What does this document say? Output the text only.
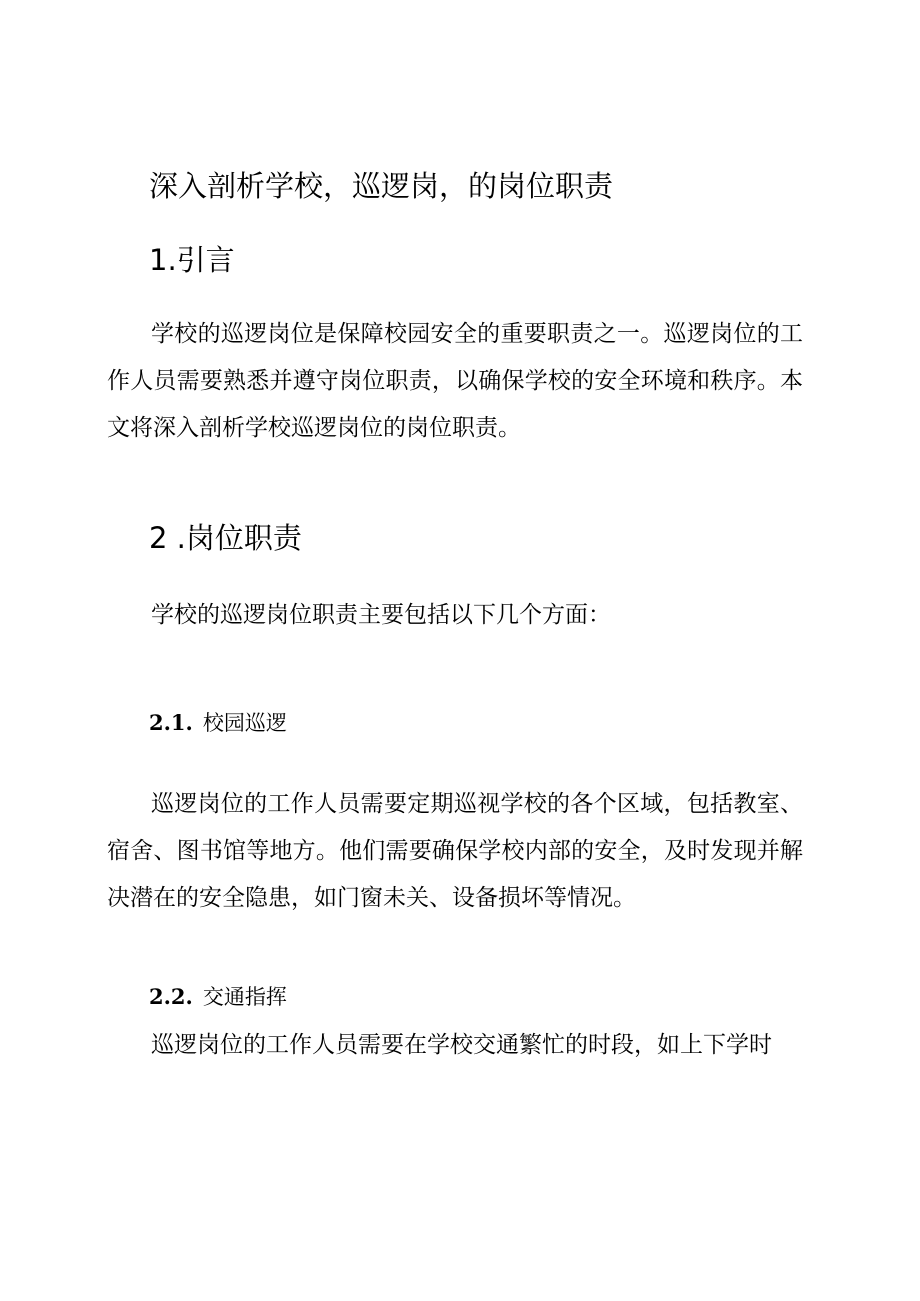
深入剖析学校，巡逻岗，的岗位职责
1.引言

学校的巡逻岗位是保障校园安全的重要职责之一。巡逻岗位的工作人员需要熟悉并遵守岗位职责，以确保学校的安全环境和秩序。本文将深入剖析学校巡逻岗位的岗位职责。

2 .岗位职责

学校的巡逻岗位职责主要包括以下几个方面：

2.1. 校园巡逻

巡逻岗位的工作人员需要定期巡视学校的各个区域，包括教室、宿舍、图书馆等地方。他们需要确保学校内部的安全，及时发现并解决潜在的安全隐患，如门窗未关、设备损坏等情况。

2.2. 交通指挥

巡逻岗位的工作人员需要在学校交通繁忙的时段，如上下学时
